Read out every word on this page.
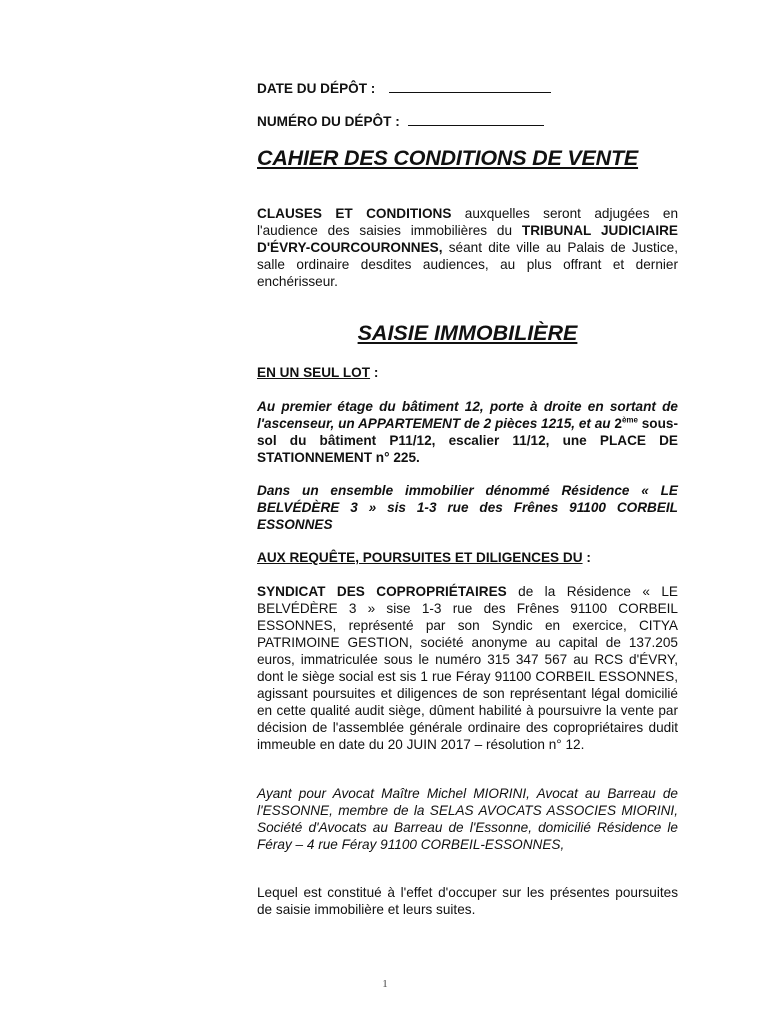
DATE DU DÉPÔT :
NUMÉRO DU DÉPÔT :
CAHIER DES CONDITIONS DE VENTE

CLAUSES ET CONDITIONS auxquelles seront adjugées en l'audience des saisies immobilières du TRIBUNAL JUDICIAIRE D'ÉVRY-COURCOURONNES, séant dite ville au Palais de Justice, salle ordinaire desdites audiences, au plus offrant et dernier enchérisseur.

SAISIE IMMOBILIÈRE

EN UN SEUL LOT :

Au premier étage du bâtiment 12, porte à droite en sortant de l'ascenseur, un APPARTEMENT de 2 pièces 1215, et au 2ème sous-sol du bâtiment P11/12, escalier 11/12, une PLACE DE STATIONNEMENT n° 225.

Dans un ensemble immobilier dénommé Résidence « LE BELVÉDÈRE 3 » sis 1-3 rue des Frênes 91100 CORBEIL ESSONNES

AUX REQUÊTE, POURSUITES ET DILIGENCES DU :

SYNDICAT DES COPROPRIÉTAIRES de la Résidence « LE BELVÉDÈRE 3 » sise 1-3 rue des Frênes 91100 CORBEIL ESSONNES, représenté par son Syndic en exercice, CITYA PATRIMOINE GESTION, société anonyme au capital de 137.205 euros, immatriculée sous le numéro 315 347 567 au RCS d'ÉVRY, dont le siège social est sis 1 rue Féray 91100 CORBEIL ESSONNES, agissant poursuites et diligences de son représentant légal domicilié en cette qualité audit siège, dûment habilité à poursuivre la vente par décision de l'assemblée générale ordinaire des copropriétaires dudit immeuble en date du 20 JUIN 2017 – résolution n° 12.

Ayant pour Avocat Maître Michel MIORINI, Avocat au Barreau de l'ESSONNE, membre de la SELAS AVOCATS ASSOCIES MIORINI, Société d'Avocats au Barreau de l'Essonne, domicilié Résidence le Féray – 4 rue Féray 91100 CORBEIL-ESSONNES,

Lequel est constitué à l'effet d'occuper sur les présentes poursuites de saisie immobilière et leurs suites.

1
